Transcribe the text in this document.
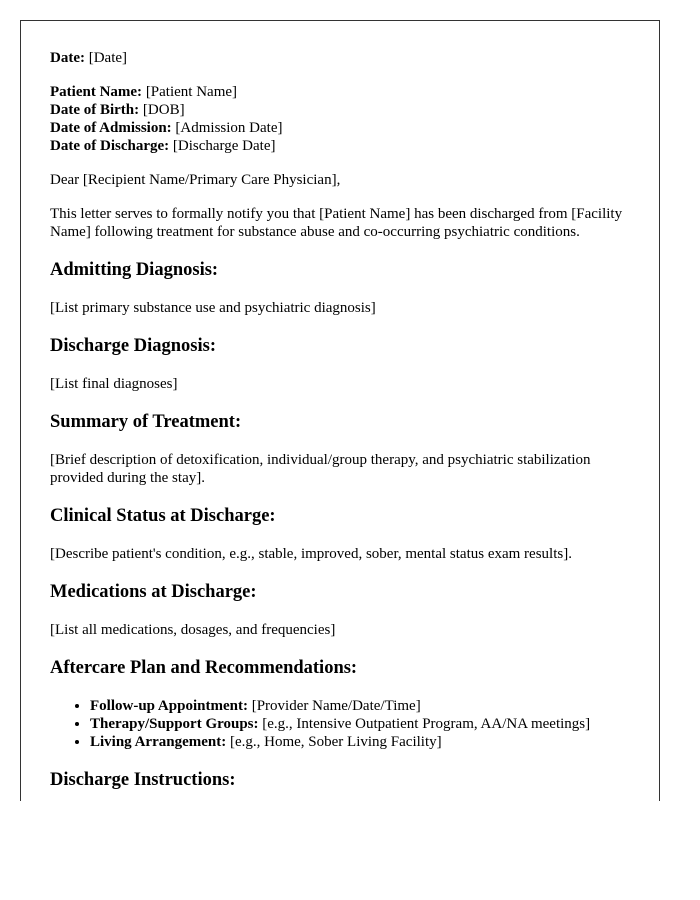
Date: [Date]

Patient Name: [Patient Name]

Date of Birth: [DOB]

Date of Admission: [Admission Date]

Date of Discharge: [Discharge Date]

Dear [Recipient Name/Primary Care Physician],

This letter serves to formally notify you that [Patient Name] has been discharged from [Facility Name] following treatment for substance abuse and co-occurring psychiatric conditions.

Admitting Diagnosis:

[List primary substance use and psychiatric diagnosis]

Discharge Diagnosis:

[List final diagnoses]

Summary of Treatment:

[Brief description of detoxification, individual/group therapy, and psychiatric stabilization provided during the stay].

Clinical Status at Discharge:

[Describe patient's condition, e.g., stable, improved, sober, mental status exam results].

Medications at Discharge:

[List all medications, dosages, and frequencies]

Aftercare Plan and Recommendations:
• Follow-up Appointment: [Provider Name/Date/Time]
• Therapy/Support Groups: [e.g., Intensive Outpatient Program, AA/NA meetings]
• Living Arrangement: [e.g., Home, Sober Living Facility]
Discharge Instructions:
